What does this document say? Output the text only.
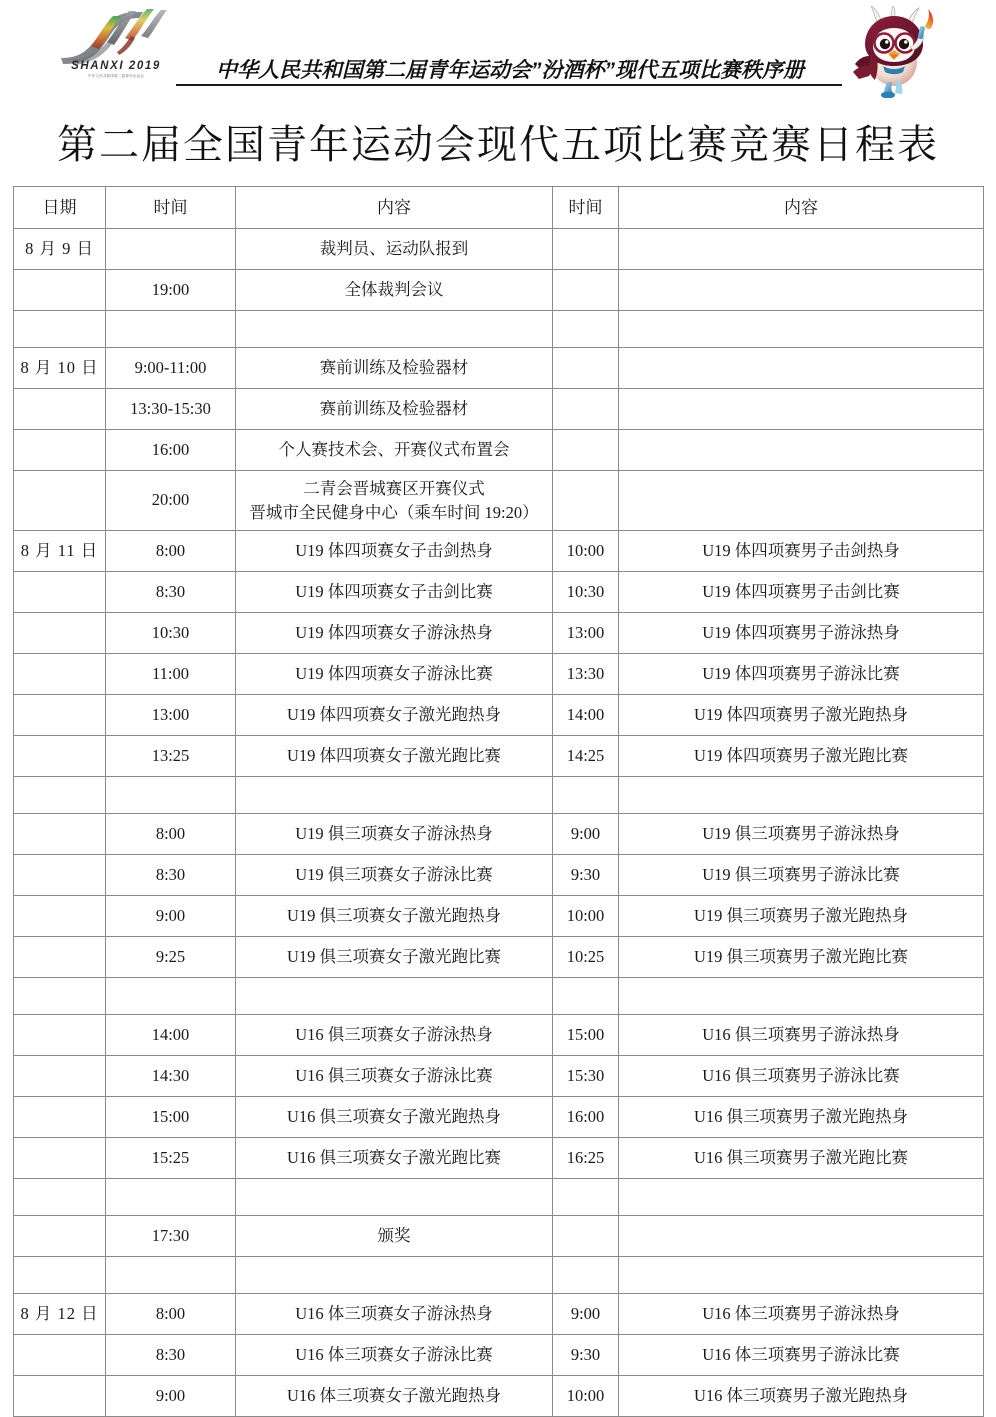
SHANXI 2019
中华人民共和国第二届青年运动会	中华人民共和国第二届青年运动会”汾酒杯”现代五项比赛秩序册
第二届全国青年运动会现代五项比赛竞赛日程表
日期	时间	内容	时间	内容
8 月 9 日		裁判员、运动队报到		
	19:00	全体裁判会议		

8 月 10 日	9:00-11:00	赛前训练及检验器材		
	13:30-15:30	赛前训练及检验器材		
	16:00	个人赛技术会、开赛仪式布置会		
	20:00	二青会晋城赛区开赛仪式
晋城市全民健身中心（乘车时间 19:20）		

8 月 11 日	8:00	U19 体四项赛女子击剑热身	10:00	U19 体四项赛男子击剑热身
	8:30	U19 体四项赛女子击剑比赛	10:30	U19 体四项赛男子击剑比赛
	10:30	U19 体四项赛女子游泳热身	13:00	U19 体四项赛男子游泳热身
	11:00	U19 体四项赛女子游泳比赛	13:30	U19 体四项赛男子游泳比赛
	13:00	U19 体四项赛女子激光跑热身	14:00	U19 体四项赛男子激光跑热身
	13:25	U19 体四项赛女子激光跑比赛	14:25	U19 体四项赛男子激光跑比赛

	8:00	U19 俱三项赛女子游泳热身	9:00	U19 俱三项赛男子游泳热身
	8:30	U19 俱三项赛女子游泳比赛	9:30	U19 俱三项赛男子游泳比赛
	9:00	U19 俱三项赛女子激光跑热身	10:00	U19 俱三项赛男子激光跑热身
	9:25	U19 俱三项赛女子激光跑比赛	10:25	U19 俱三项赛男子激光跑比赛

	14:00	U16 俱三项赛女子游泳热身	15:00	U16 俱三项赛男子游泳热身
	14:30	U16 俱三项赛女子游泳比赛	15:30	U16 俱三项赛男子游泳比赛
	15:00	U16 俱三项赛女子激光跑热身	16:00	U16 俱三项赛男子激光跑热身
	15:25	U16 俱三项赛女子激光跑比赛	16:25	U16 俱三项赛男子激光跑比赛

	17:30	颁奖		

8 月 12 日	8:00	U16 体三项赛女子游泳热身	9:00	U16 体三项赛男子游泳热身
	8:30	U16 体三项赛女子游泳比赛	9:30	U16 体三项赛男子游泳比赛
	9:00	U16 体三项赛女子激光跑热身	10:00	U16 体三项赛男子激光跑热身
